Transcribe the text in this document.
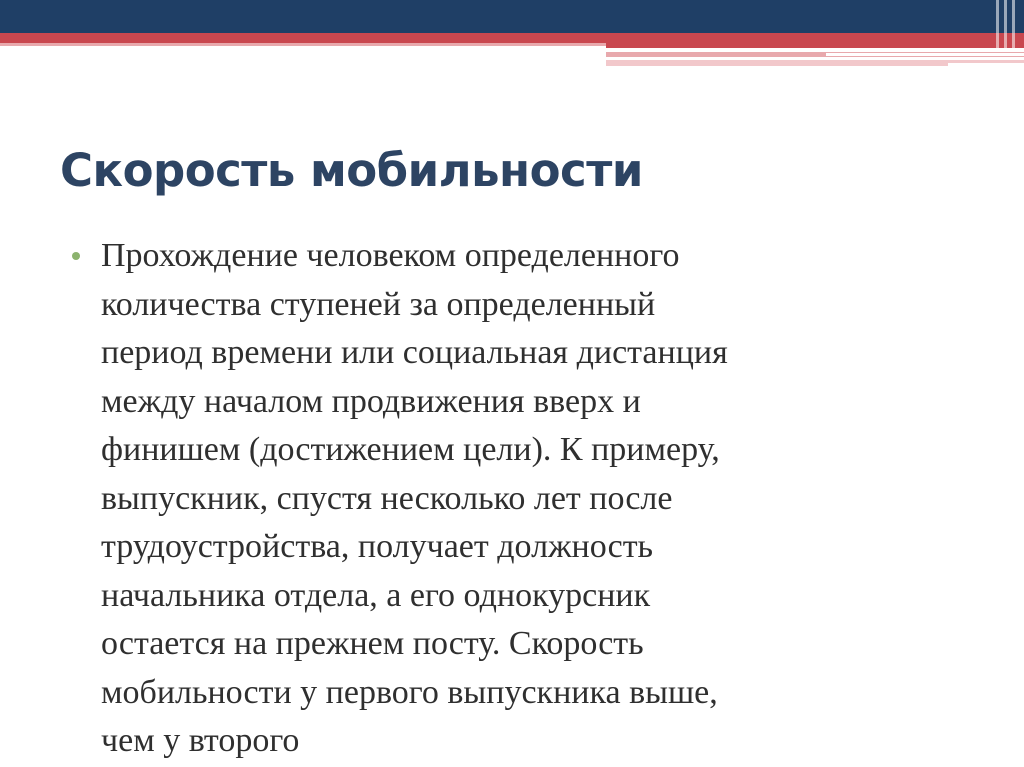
Скорость мобильности

Прохождение человеком определенного
количества ступеней за определенный
период времени или социальная дистанция
между началом продвижения вверх и
финишем (достижением цели). К примеру,
выпускник, спустя несколько лет после
трудоустройства, получает должность
начальника отдела, а его однокурсник
остается на прежнем посту. Скорость
мобильности у первого выпускника выше,
чем у второго
